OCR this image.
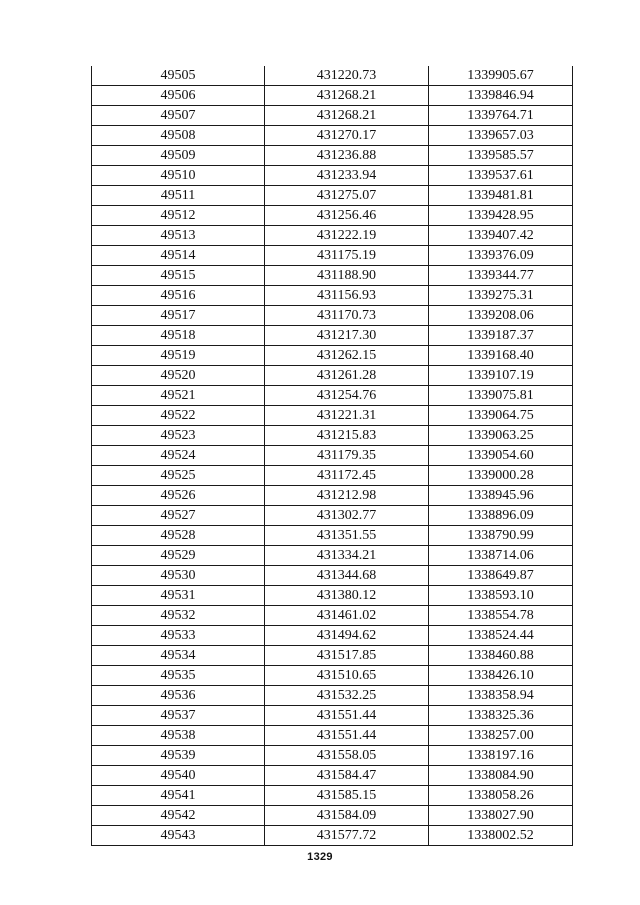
49505	431220.73	1339905.67
49506	431268.21	1339846.94
49507	431268.21	1339764.71
49508	431270.17	1339657.03
49509	431236.88	1339585.57
49510	431233.94	1339537.61
49511	431275.07	1339481.81
49512	431256.46	1339428.95
49513	431222.19	1339407.42
49514	431175.19	1339376.09
49515	431188.90	1339344.77
49516	431156.93	1339275.31
49517	431170.73	1339208.06
49518	431217.30	1339187.37
49519	431262.15	1339168.40
49520	431261.28	1339107.19
49521	431254.76	1339075.81
49522	431221.31	1339064.75
49523	431215.83	1339063.25
49524	431179.35	1339054.60
49525	431172.45	1339000.28
49526	431212.98	1338945.96
49527	431302.77	1338896.09
49528	431351.55	1338790.99
49529	431334.21	1338714.06
49530	431344.68	1338649.87
49531	431380.12	1338593.10
49532	431461.02	1338554.78
49533	431494.62	1338524.44
49534	431517.85	1338460.88
49535	431510.65	1338426.10
49536	431532.25	1338358.94
49537	431551.44	1338325.36
49538	431551.44	1338257.00
49539	431558.05	1338197.16
49540	431584.47	1338084.90
49541	431585.15	1338058.26
49542	431584.09	1338027.90
49543	431577.72	1338002.52
1329
